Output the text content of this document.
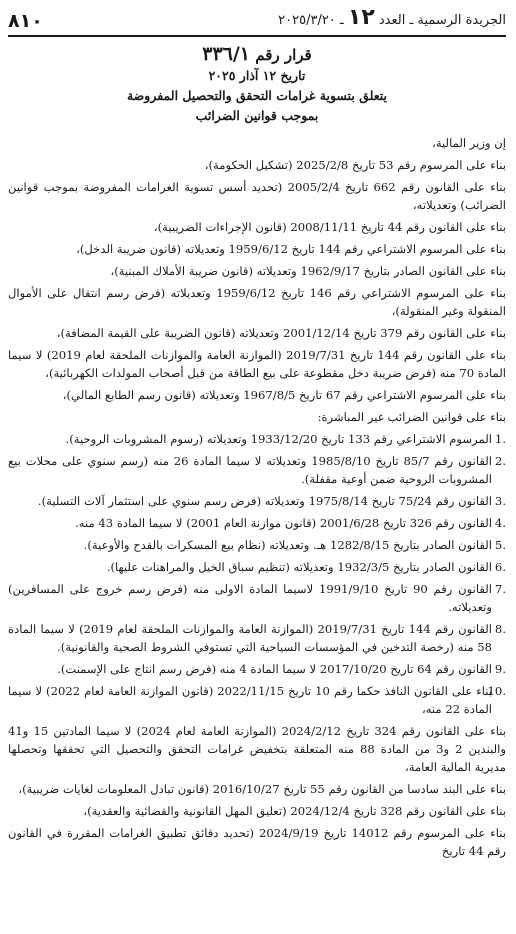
الجريدة الرسمية ـ العدد ١٢ ـ ٢٠٢٥/٣/٢٠
٨١٠
قرار رقم ٣٣٦/١
تاريخ ١٢ آذار ٢٠٢٥
يتعلق بتسوية غرامات التحقق والتحصيل المفروضة
بموجب قوانين الضرائب

إن وزير المالية،

بناء على المرسوم رقم 53 تاريخ 2025/2/8 (تشكيل الحكومة)،

بناء على القانون رقم 662 تاريخ 2005/2/4 (تحديد أسس تسوية الغرامات المفروضة بموجب قوانين الضرائب) وتعديلاته،

بناء على القانون رقم 44 تاريخ 2008/11/11 (قانون الإجراءات الضريبية)،

بناء على المرسوم الاشتراعي رقم 144 تاريخ 1959/6/12 وتعديلاته (قانون ضريبة الدخل)،

بناء على القانون الصادر بتاريخ 1962/9/17 وتعديلاته (قانون ضريبة الأملاك المبنية)،

بناء على المرسوم الاشتراعي رقم 146 تاريخ 1959/6/12 وتعديلاته (فرض رسم انتقال على الأموال المنقولة وغير المنقولة)،

بناء على القانون رقم 379 تاريخ 2001/12/14 وتعديلاته (قانون الضريبة على القيمة المضافة)،

بناء على القانون رقم 144 تاريخ 2019/7/31 (الموازنة العامة والموازنات الملحقة لعام 2019) لا سيما المادة 70 منه (فرض ضريبة دخل مقطوعة على بيع الطاقة من قبل أصحاب المولدات الكهربائية)،

بناء على المرسوم الاشتراعي رقم 67 تاريخ 1967/8/5 وتعديلاته (قانون رسم الطابع المالي)،

بناء على قوانين الضرائب غير المباشرة:

.1
المرسوم الاشتراعي رقم 133 تاريخ 1933/12/20 وتعديلاته (رسوم المشروبات الروحية).
.2
القانون رقم 85/7 تاريخ 1985/8/10 وتعديلاته لا سيما المادة 26 منه (رسم سنوي على محلات بيع المشروبات الروحية ضمن أوعية مقفلة).
.3
القانون رقم 75/24 تاريخ 1975/8/14 وتعديلاته (فرض رسم سنوي على استثمار آلات التسلية).
.4
القانون رقم 326 تاريخ 2001/6/28 (قانون موازنة العام 2001) لا سيما المادة 43 منه.
.5
القانون الصادر بتاريخ 1282/8/15 هـ. وتعديلاته (نظام بيع المسكرات بالقدح والأوعية).
.6
القانون الصادر بتاريخ 1932/3/5 وتعديلاته (تنظيم سباق الخيل والمراهنات عليها).
.7
القانون رقم 90 تاريخ 1991/9/10 لاسيما المادة الاولى منه (فرض رسم خروج على المسافرين) وتعديلاته.
.8
القانون رقم 144 تاريخ 2019/7/31 (الموازنة العامة والموازنات الملحقة لعام 2019) لا سيما المادة 58 منه (رخصة التدخين في المؤسسات السياحية التي تستوفي الشروط الصحية والقانونية).
.9
القانون رقم 64 تاريخ 2017/10/20 لا سيما المادة 4 منه (فرض رسم انتاج على الإسمنت).
.10
بناء على القانون النافذ حكما رقم 10 تاريخ 2022/11/15 (قانون الموازنة العامة لعام 2022) لا سيما المادة 22 منه،

بناء على القانون رقم 324 تاريخ 2024/2/12 (الموازنة العامة لعام 2024) لا سيما المادتين 15 و41 والبندين 2 و3 من المادة 88 منه المتعلقة بتخفيض غرامات التحقق والتحصيل التي تحققها وتحصلها مديرية المالية العامة،

بناء على البند سادسا من القانون رقم 55 تاريخ 2016/10/27 (قانون تبادل المعلومات لغايات ضريبية)،

بناء على القانون رقم 328 تاريخ 2024/12/4 (تعليق المهل القانونية والقضائية والعقدية)،

بناء على المرسوم رقم 14012 تاريخ 2024/9/19 (تحديد دقائق تطبيق الغرامات المقررة في القانون رقم 44 تاريخ
